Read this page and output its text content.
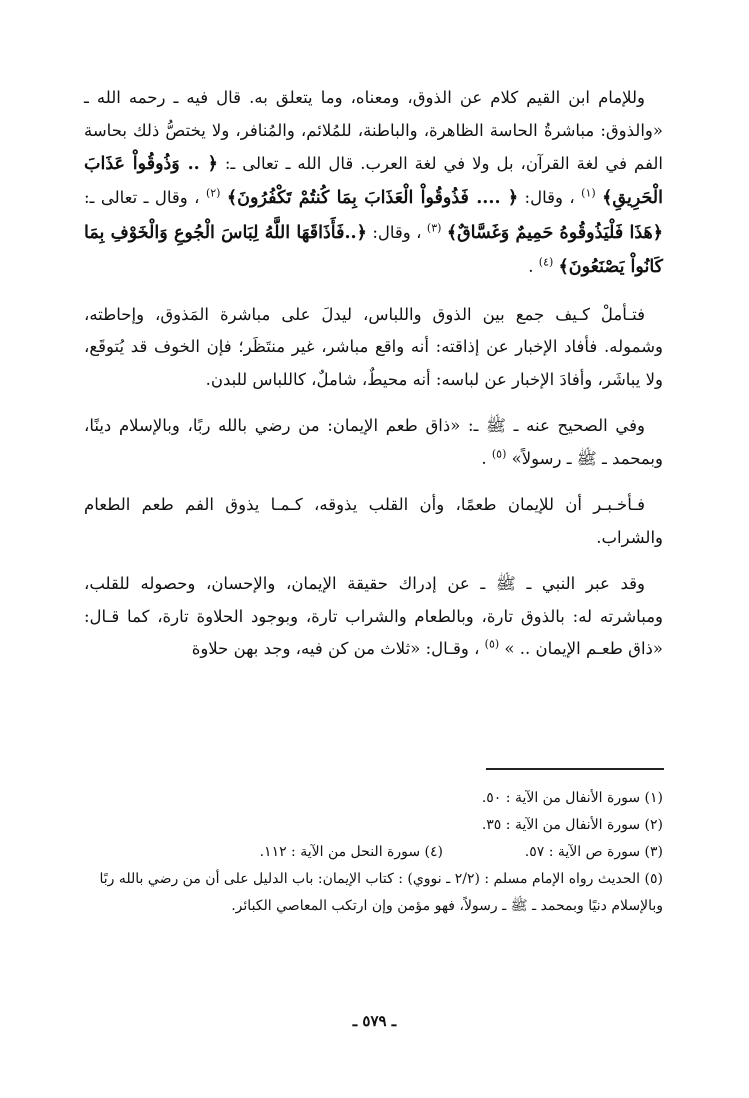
وللإمام ابن القيم كلام عن الذوق، ومعناه، وما يتعلق به. قال فيه ـ رحمه الله ـ «والذوق: مباشرةُ الحاسة الظاهرة، والباطنة، للمُلائم، والمُنافر، ولا يختصُّ ذلك بحاسة الفم في لغة القرآن، بل ولا في لغة العرب. قال الله ـ تعالى ـ: ﴿ .. وَذُوقُواْ عَذَابَ الْحَرِيقِ﴾ $^{(١)}$ ، وقال: ﴿ .... فَذُوقُواْ الْعَذَابَ بِمَا كُنتُمْ تَكْفُرُونَ﴾ $^{(٢)}$ ، وقال ـ تعالى ـ: ﴿هَذَا فَلْيَذُوقُوهُ حَمِيمٌ وَغَسَّاقٌ﴾ $^{(٣)}$ ، وقال: ﴿..فَأَذَاقَهَا اللَّهُ لِبَاسَ الْجُوعِ وَالْخَوْفِ بِمَا كَانُواْ يَصْنَعُونَ﴾ $^{(٤)}$ .

فتـأملْ كـيف جمع بين الذوق واللباس، ليدلَ على مباشرة المَذوق، وإحاطته، وشموله. فأفاد الإخبار عن إذاقته: أنه واقع مباشر، غير منتَظَر؛ فإن الخوف قد يُتوقَع، ولا يباشَر، وأفادَ الإخبار عن لباسه: أنه محيطٌ، شاملٌ، كاللباس للبدن.

وفي الصحيح عنه ـ ﷺ ـ: «ذاق طعم الإيمان: من رضي بالله ربًا، وبالإسلام دينًا، وبمحمد ـ ﷺ ـ رسولاً» $^{(٥)}$ .

فـأخـبـر أن للإيمان طعمًا، وأن القلب يذوقه، كـمـا يذوق الفم طعم الطعام والشراب.

وقد عبر النبي ـ ﷺ ـ عن إدراك حقيقة الإيمان، والإحسان، وحصوله للقلب، ومباشرته له: بالذوق تارة، وبالطعام والشراب تارة، وبوجود الحلاوة تارة، كما قـال: «ذاق طعـم الإيمان .. » $^{(٥)}$ ، وقـال: «ثلاث من كن فيه، وجد بهن حلاوة

(١) سورة الأنفال من الآية : ٥٠.

(٢) سورة الأنفال من الآية : ٣٥.

(٣) سورة ص الآية : ٥٧.

(٤) سورة النحل من الآية : ١١٢.

(٥) الحديث رواه الإمام مسلم : (٢/٢ ـ نووي) : كتاب الإيمان: باب الدليل على أن من رضي بالله ربًا وبالإسلام دنيًا وبمحمد ـ ﷺ ـ رسولاً، فهو مؤمن وإن ارتكب المعاصي الكبائر.

ـ ٥٧٩ ـ
